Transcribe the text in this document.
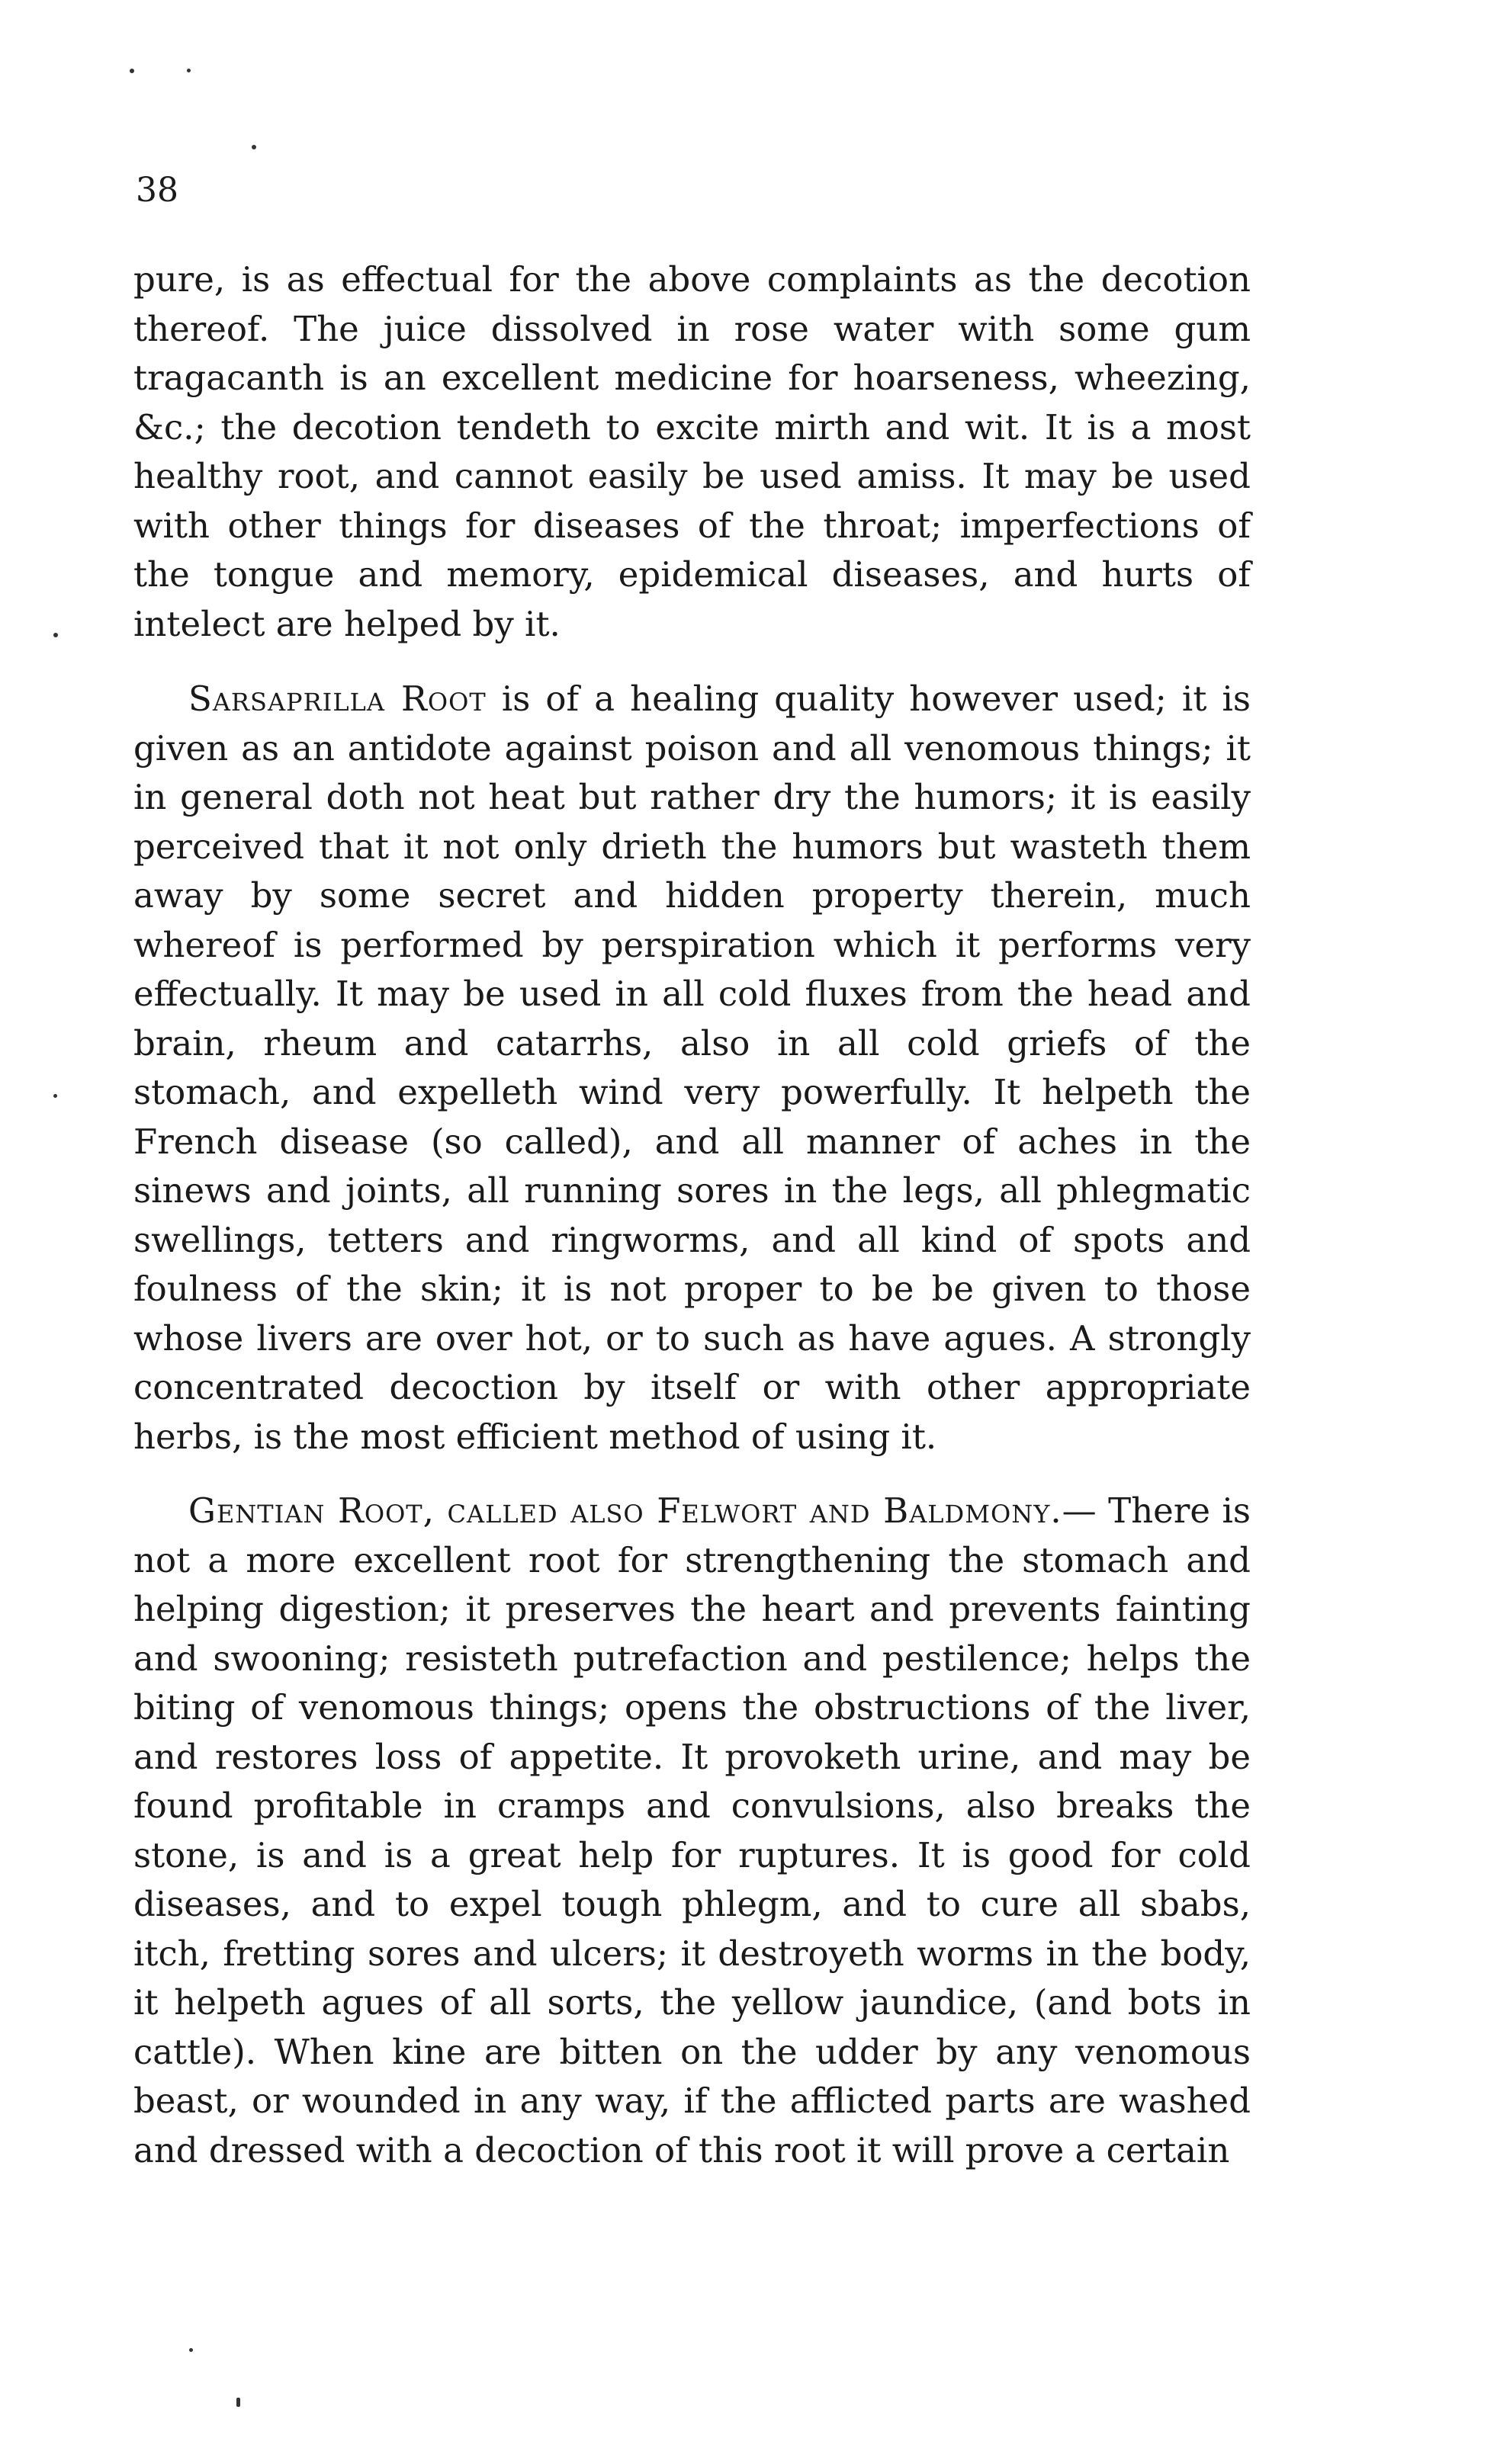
38

pure, is as effectual for the above complaints as the decotion thereof. The juice dissolved in rose water with some gum tragacanth is an excellent medicine for hoarseness, wheezing, &c.; the decotion tendeth to excite mirth and wit. It is a most healthy root, and cannot easily be used amiss. It may be used with other things for diseases of the throat; imperfections of the tongue and memory, epidemical diseases, and hurts of intelect are helped by it.

Sarsaprilla Root is of a healing quality however used; it is given as an antidote against poison and all venomous things; it in general doth not heat but rather dry the humors; it is easily perceived that it not only drieth the humors but wasteth them away by some secret and hidden property therein, much whereof is performed by perspiration which it performs very effectually. It may be used in all cold fluxes from the head and brain, rheum and catarrhs, also in all cold griefs of the stomach, and expelleth wind very powerfully. It helpeth the French disease (so called), and all manner of aches in the sinews and joints, all running sores in the legs, all phlegmatic swellings, tetters and ringworms, and all kind of spots and foulness of the skin; it is not proper to be be given to those whose livers are over hot, or to such as have agues. A strongly concentrated decoction by itself or with other appropriate herbs, is the most efficient method of using it.

Gentian Root, called also Felwort and Baldmony.— There is not a more excellent root for strengthening the stomach and helping digestion; it preserves the heart and prevents fainting and swooning; resisteth putrefaction and pestilence; helps the biting of venomous things; opens the obstructions of the liver, and restores loss of appetite. It provoketh urine, and may be found profitable in cramps and convulsions, also breaks the stone, is and is a great help for ruptures. It is good for cold diseases, and to expel tough phlegm, and to cure all sbabs, itch, fretting sores and ulcers; it destroyeth worms in the body, it helpeth agues of all sorts, the yellow jaundice, (and bots in cattle). When kine are bitten on the udder by any venomous beast, or wounded in any way, if the afflicted parts are washed and dressed with a decoction of this root it will prove a certain
